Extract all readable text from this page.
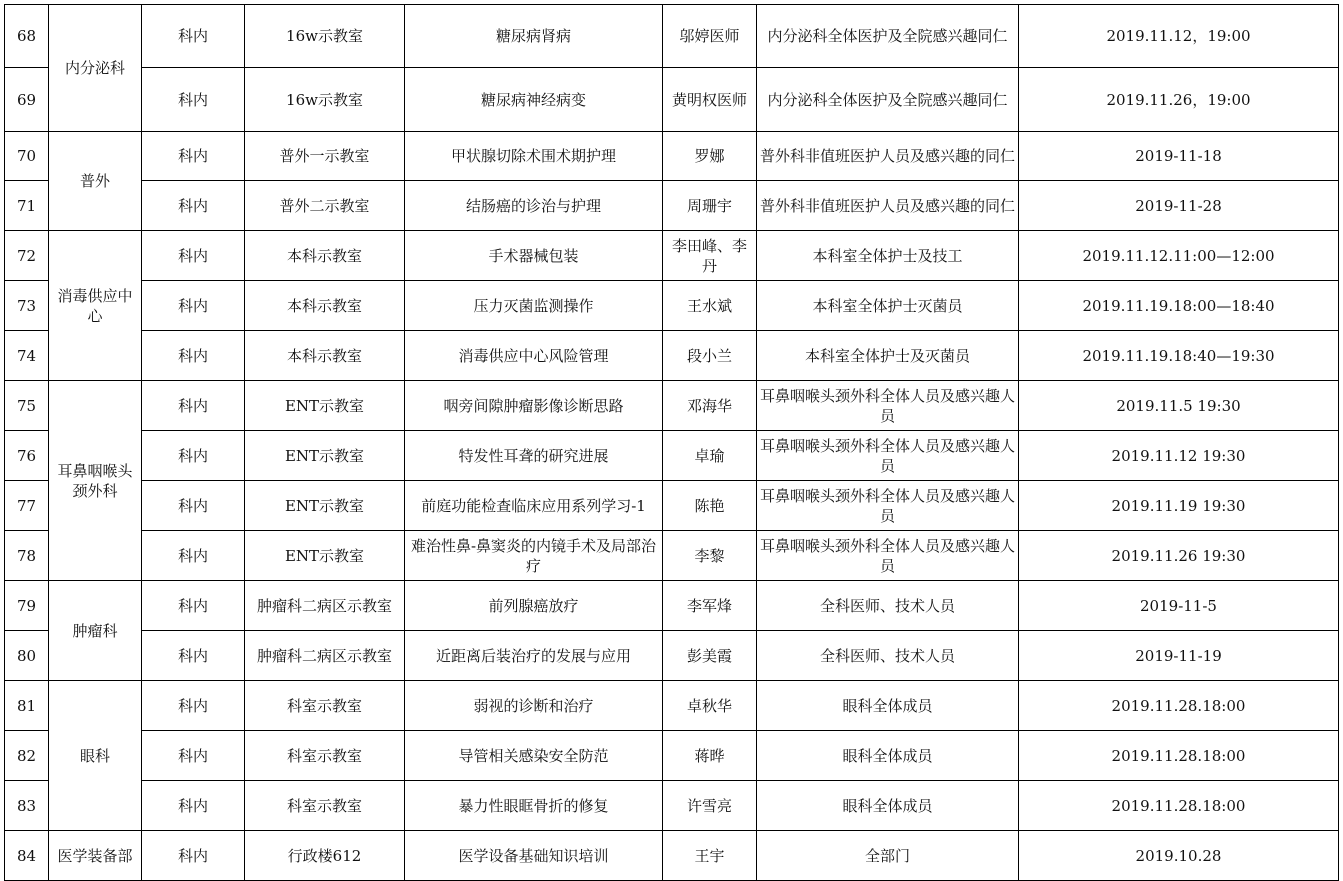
68	内分泌科	科内	16w示教室	糖尿病肾病	邬婷医师	内分泌科全体医护及全院感兴趣同仁	2019.11.12，19:00
69		科内	16w示教室	糖尿病神经病变	黄明权医师	内分泌科全体医护及全院感兴趣同仁	2019.11.26，19:00
70	普外	科内	普外一示教室	甲状腺切除术围术期护理	罗娜	普外科非值班医护人员及感兴趣的同仁	2019-11-18
71		科内	普外二示教室	结肠癌的诊治与护理	周珊宇	普外科非值班医护人员及感兴趣的同仁	2019-11-28
72	消毒供应中心	科内	本科示教室	手术器械包装	李田峰、李丹	本科室全体护士及技工	2019.11.12.11:00—12:00
73		科内	本科示教室	压力灭菌监测操作	王水斌	本科室全体护士灭菌员	2019.11.19.18:00—18:40
74		科内	本科示教室	消毒供应中心风险管理	段小兰	本科室全体护士及灭菌员	2019.11.19.18:40—19:30
75	耳鼻咽喉头颈外科	科内	ENT示教室	咽旁间隙肿瘤影像诊断思路	邓海华	耳鼻咽喉头颈外科全体人员及感兴趣人员	2019.11.5 19:30
76		科内	ENT示教室	特发性耳聋的研究进展	卓瑜	耳鼻咽喉头颈外科全体人员及感兴趣人员	2019.11.12 19:30
77		科内	ENT示教室	前庭功能检查临床应用系列学习-1	陈艳	耳鼻咽喉头颈外科全体人员及感兴趣人员	2019.11.19 19:30
78		科内	ENT示教室	难治性鼻-鼻窦炎的内镜手术及局部治疗	李黎	耳鼻咽喉头颈外科全体人员及感兴趣人员	2019.11.26 19:30
79	肿瘤科	科内	肿瘤科二病区示教室	前列腺癌放疗	李军烽	全科医师、技术人员	2019-11-5
80		科内	肿瘤科二病区示教室	近距离后装治疗的发展与应用	彭美霞	全科医师、技术人员	2019-11-19
81	眼科	科内	科室示教室	弱视的诊断和治疗	卓秋华	眼科全体成员	2019.11.28.18:00
82		科内	科室示教室	导管相关感染安全防范	蒋晔	眼科全体成员	2019.11.28.18:00
83		科内	科室示教室	暴力性眼眶骨折的修复	许雪亮	眼科全体成员	2019.11.28.18:00
84	医学装备部	科内	行政楼612	医学设备基础知识培训	王宇	全部门	2019.10.28
